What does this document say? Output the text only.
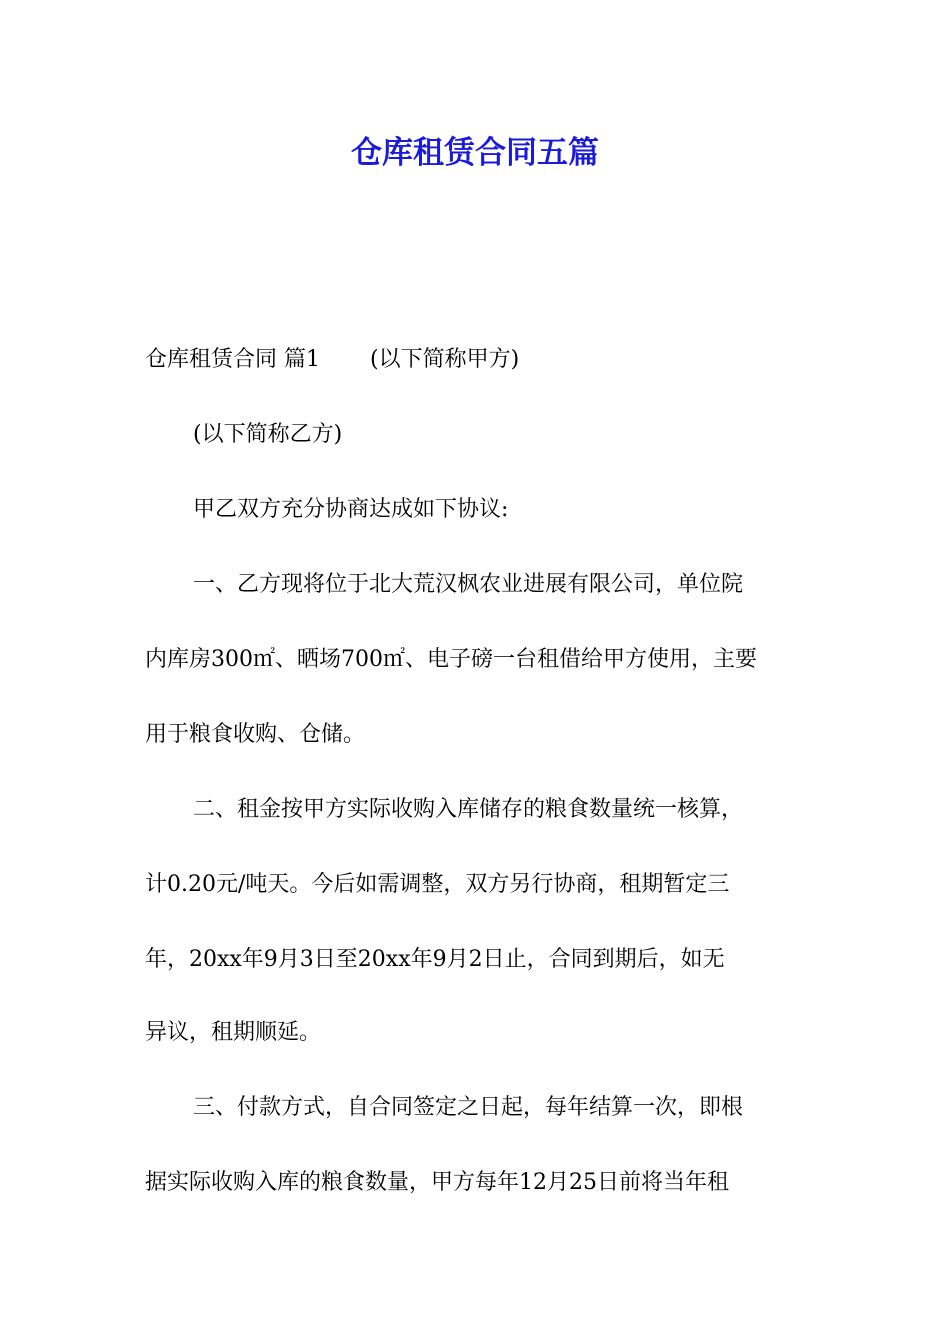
仓库租赁合同五篇
仓库租赁合同 篇1 (以下简称甲方)
(以下简称乙方)
甲乙双方充分协商达成如下协议:
一、乙方现将位于北大荒汉枫农业进展有限公司，单位院
内库房300㎡、晒场700㎡、电子磅一台租借给甲方使用，主要
用于粮食收购、仓储。
二、租金按甲方实际收购入库储存的粮食数量统一核算，
计0.20元/吨天。今后如需调整，双方另行协商，租期暂定三
年，20xx年9月3日至20xx年9月2日止，合同到期后，如无
异议，租期顺延。
三、付款方式，自合同签定之日起，每年结算一次，即根
据实际收购入库的粮食数量，甲方每年12月25日前将当年租
